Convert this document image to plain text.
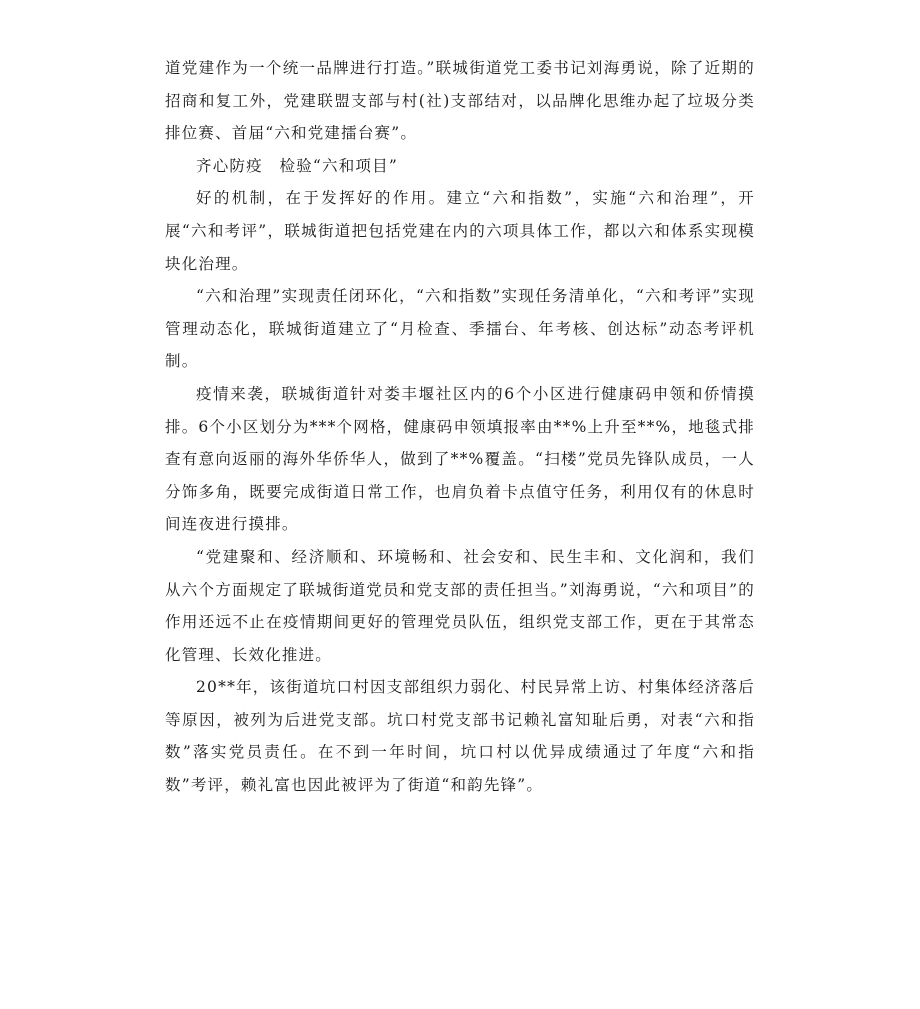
道党建作为一个统一品牌进行打造。”联城街道党工委书记刘海勇说，除了近期的招商和复工外，党建联盟支部与村(社)支部结对，以品牌化思维办起了垃圾分类排位赛、首届“六和党建擂台赛”。

齐心防疫　检验“六和项目”

好的机制，在于发挥好的作用。建立“六和指数”，实施“六和治理”，开展“六和考评”，联城街道把包括党建在内的六项具体工作，都以六和体系实现模块化治理。

“六和治理”实现责任闭环化，“六和指数”实现任务清单化，“六和考评”实现管理动态化，联城街道建立了“月检查、季擂台、年考核、创达标”动态考评机制。

疫情来袭，联城街道针对娄丰堰社区内的6个小区进行健康码申领和侨情摸排。6个小区划分为***个网格，健康码申领填报率由**%上升至**%，地毯式排查有意向返丽的海外华侨华人，做到了**%覆盖。“扫楼”党员先锋队成员，一人分饰多角，既要完成街道日常工作，也肩负着卡点值守任务，利用仅有的休息时间连夜进行摸排。

“党建聚和、经济顺和、环境畅和、社会安和、民生丰和、文化润和，我们从六个方面规定了联城街道党员和党支部的责任担当。”刘海勇说，“六和项目”的作用还远不止在疫情期间更好的管理党员队伍，组织党支部工作，更在于其常态化管理、长效化推进。

20**年，该街道坑口村因支部组织力弱化、村民异常上访、村集体经济落后等原因，被列为后进党支部。坑口村党支部书记赖礼富知耻后勇，对表“六和指数”落实党员责任。在不到一年时间，坑口村以优异成绩通过了年度“六和指数”考评，赖礼富也因此被评为了街道“和韵先锋”。
